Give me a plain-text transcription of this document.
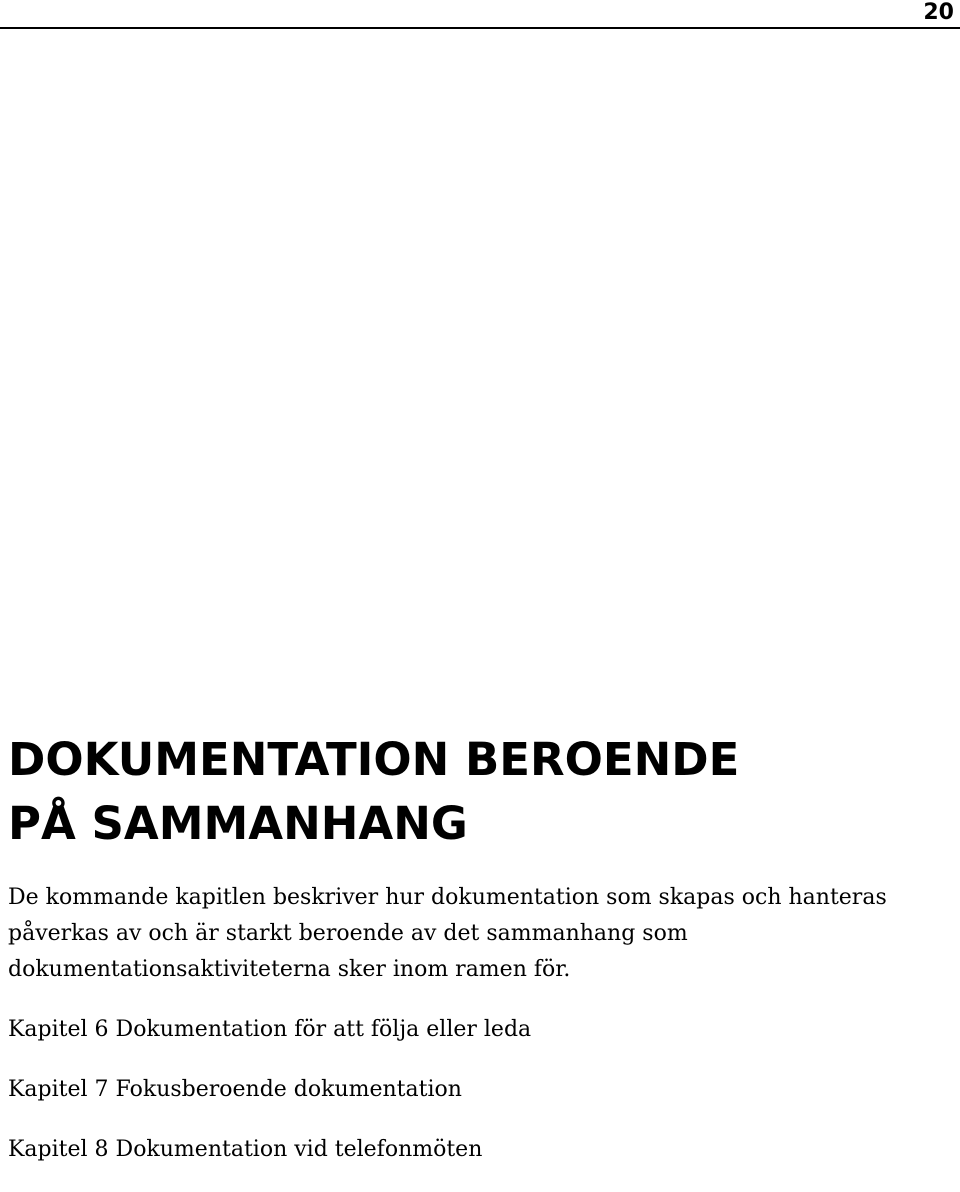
20
DOKUMENTATION BEROENDE
PÅ SAMMANHANG

De kommande kapitlen beskriver hur dokumentation som skapas och hanteras
påverkas av och är starkt beroende av det sammanhang som
dokumentationsaktiviteterna sker inom ramen för.

Kapitel 6 Dokumentation för att följa eller leda
Kapitel 7 Fokusberoende dokumentation
Kapitel 8 Dokumentation vid telefonmöten
